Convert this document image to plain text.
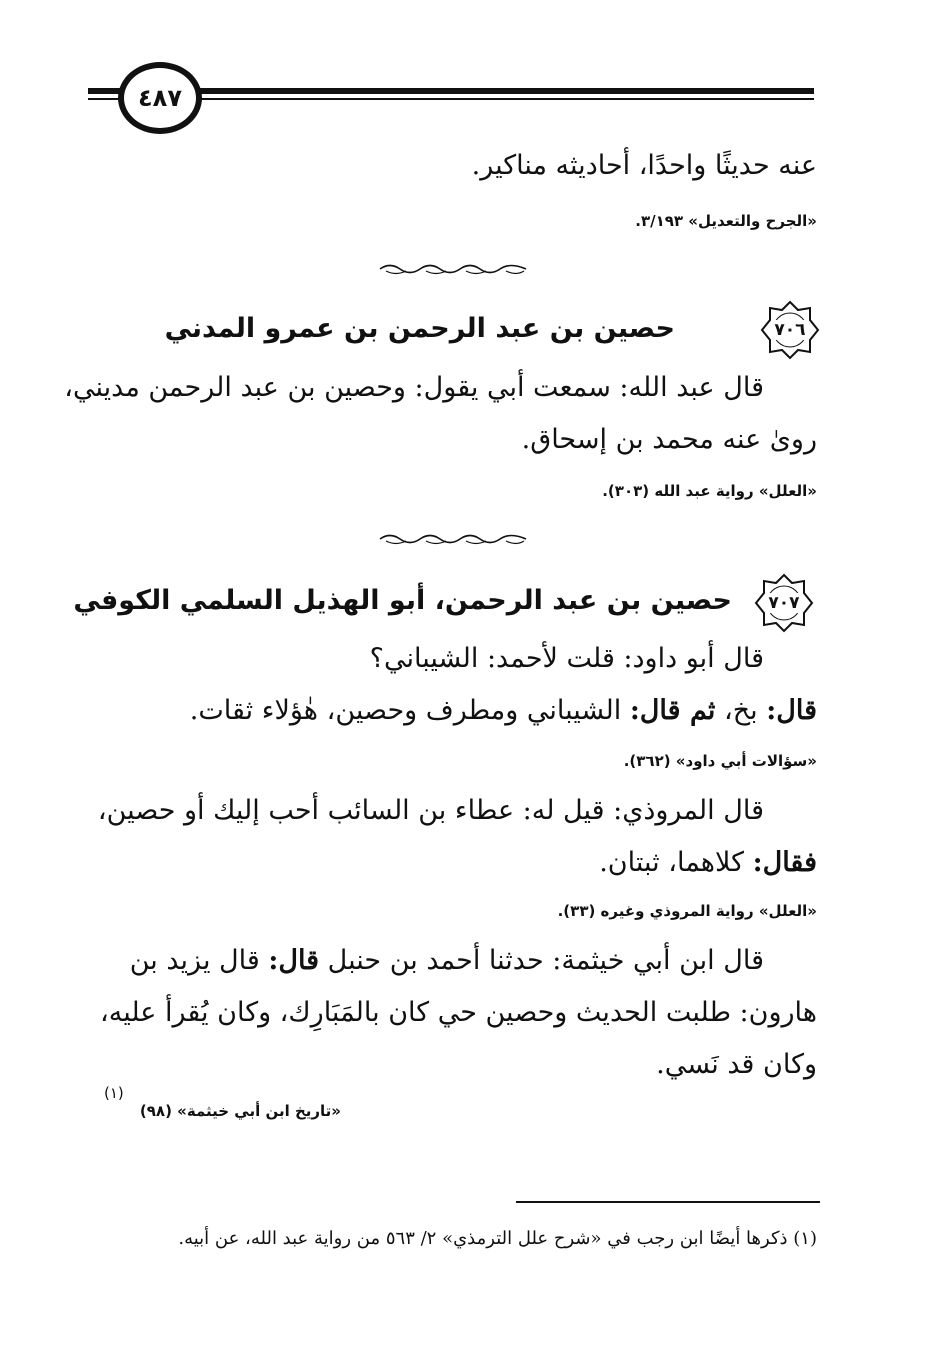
٤٨٧
عنه حديثًا واحدًا، أحاديثه مناكير.
«الجرح والتعديل» ٣/١٩٣.
٧٠٦
حصين بن عبد الرحمن بن عمرو المدني
قال عبد الله: سمعت أبي يقول: وحصين بن عبد الرحمن مديني،
روىٰ عنه محمد بن إسحاق.
«العلل» رواية عبد الله (٣٠٣).
٧٠٧
حصين بن عبد الرحمن، أبو الهذيل السلمي الكوفي
قال أبو داود: قلت لأحمد: الشيباني؟
قال: بخ، ثم قال: الشيباني ومطرف وحصين، هٰؤلاء ثقات.
«سؤالات أبي داود» (٣٦٢).
قال المروذي: قيل له: عطاء بن السائب أحب إليك أو حصين،
فقال: كلاهما، ثبتان.
«العلل» رواية المروذي وغيره (٣٣).
قال ابن أبي خيثمة: حدثنا أحمد بن حنبل قال: قال يزيد بن
هارون: طلبت الحديث وحصين حي كان بالمَبَارِك، وكان يُقرأ عليه،
وكان قد نَسي.
«تاريخ ابن أبي خيثمة» (٩٨)
(١)
(١) ذكرها أيضًا ابن رجب في «شرح علل الترمذي» ٢/ ٥٦٣ من رواية عبد الله، عن أبيه.
